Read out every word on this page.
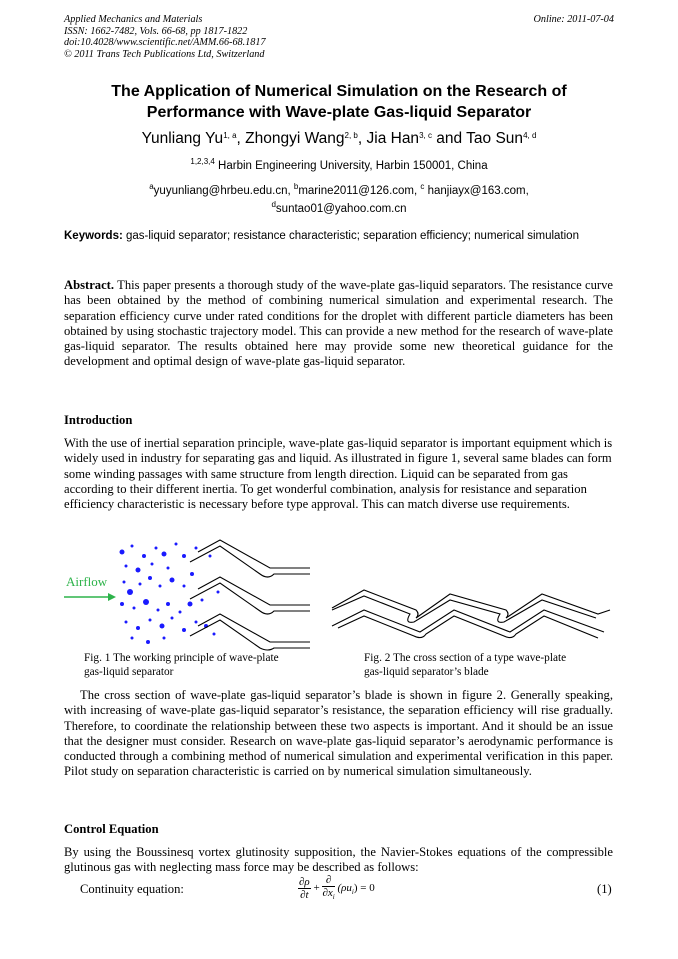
Applied Mechanics and Materials
ISSN: 1662-7482, Vols. 66-68, pp 1817-1822
doi:10.4028/www.scientific.net/AMM.66-68.1817
© 2011 Trans Tech Publications Ltd, Switzerland
Online: 2011-07-04
The Application of Numerical Simulation on the Research of
Performance with Wave-plate Gas-liquid Separator
Yunliang Yu$^{1, a}$, Zhongyi Wang$^{2, b}$, Jia Han$^{3, c}$ and Tao Sun$^{4, d}$
$^{1,2,3,4}$ Harbin Engineering University, Harbin 150001, China
$^a$yuyunliang@hrbeu.edu.cn, $^b$marine2011@126.com, $^c$ hanjiayx@163.com,
$^d$suntao01@yahoo.com.cn
Keywords: gas-liquid separator; resistance characteristic; separation efficiency; numerical simulation
Abstract. This paper presents a thorough study of the wave-plate gas-liquid separators. The resistance curve has been obtained by the method of combining numerical simulation and experimental research. The separation efficiency curve under rated conditions for the droplet with different particle diameters has been obtained by using stochastic trajectory model. This can provide a new method for the research of wave-plate gas-liquid separator. The results obtained here may provide some new theoretical guidance for the development and optimal design of wave-plate gas-liquid separator.
Introduction
With the use of inertial separation principle, wave-plate gas-liquid separator is important equipment which is widely used in industry for separating gas and liquid. As illustrated in figure 1, several same blades can form some winding passages with same structure from length direction. Liquid can be separated from gas according to their different inertia. To get wonderful combination, analysis for resistance and separation efficiency characteristic is necessary before type approval. This can match diverse use requirements.
Airflow
Fig. 1 The working principle of wave-plate
gas-liquid separator
Fig. 2 The cross section of a type wave-plate
gas-liquid separator’s blade
The cross section of wave-plate gas-liquid separator’s blade is shown in figure 2. Generally speaking, with increasing of wave-plate gas-liquid separator’s resistance, the separation efficiency will rise gradually. Therefore, to coordinate the relationship between these two aspects is important. And it should be an issue that the designer must consider. Research on wave-plate gas-liquid separator’s aerodynamic performance is conducted through a combining method of numerical simulation and experimental verification in this paper. Pilot study on separation characteristic is carried on by numerical simulation simultaneously.
Control Equation
By using the Boussinesq vortex glutinosity supposition, the Navier-Stokes equations of the compressible glutinous gas with neglecting mass force may be described as follows:
Continuity equation:	$\frac{\partial\rho}{\partial t} + \frac{\partial}{\partial x_i} (\rho u_i) = 0$	(1)
